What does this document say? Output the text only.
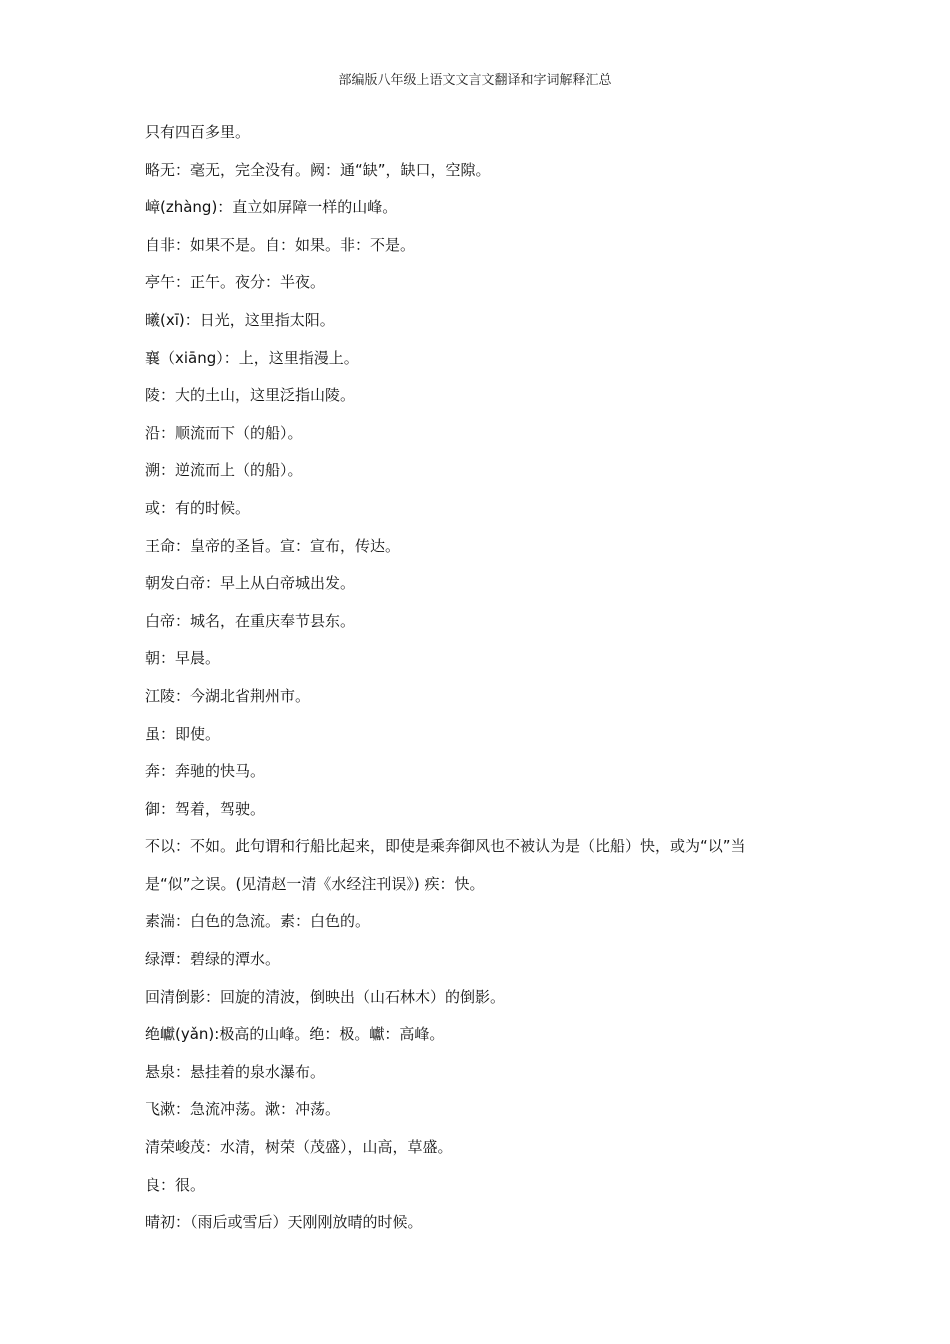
部编版八年级上语文文言文翻译和字词解释汇总
只有四百多里。
略无：毫无，完全没有。阙：通“缺”，缺口，空隙。
嶂(zhàng)：直立如屏障一样的山峰。
自非：如果不是。自：如果。非：不是。
亭午：正午。夜分：半夜。
曦(xī)：日光，这里指太阳。
襄（xiāng）：上，这里指漫上。
陵：大的土山，这里泛指山陵。
沿：顺流而下（的船）。
溯：逆流而上（的船）。
或：有的时候。
王命：皇帝的圣旨。宣：宣布，传达。
朝发白帝：早上从白帝城出发。
白帝：城名，在重庆奉节县东。
朝：早晨。
江陵：今湖北省荆州市。
虽：即使。
奔：奔驰的快马。
御：驾着，驾驶。
不以：不如。此句谓和行船比起来，即使是乘奔御风也不被认为是（比船）快，或为“以”当
是“似”之误。(见清赵一清《水经注刊误》) 疾：快。
素湍：白色的急流。素：白色的。
绿潭：碧绿的潭水。
回清倒影：回旋的清波，倒映出（山石林木）的倒影。
绝巘(yǎn):极高的山峰。绝：极。巘：高峰。
悬泉：悬挂着的泉水瀑布。
飞漱：急流冲荡。漱：冲荡。
清荣峻茂：水清，树荣（茂盛），山高，草盛。
良：很。
晴初：（雨后或雪后）天刚刚放晴的时候。
